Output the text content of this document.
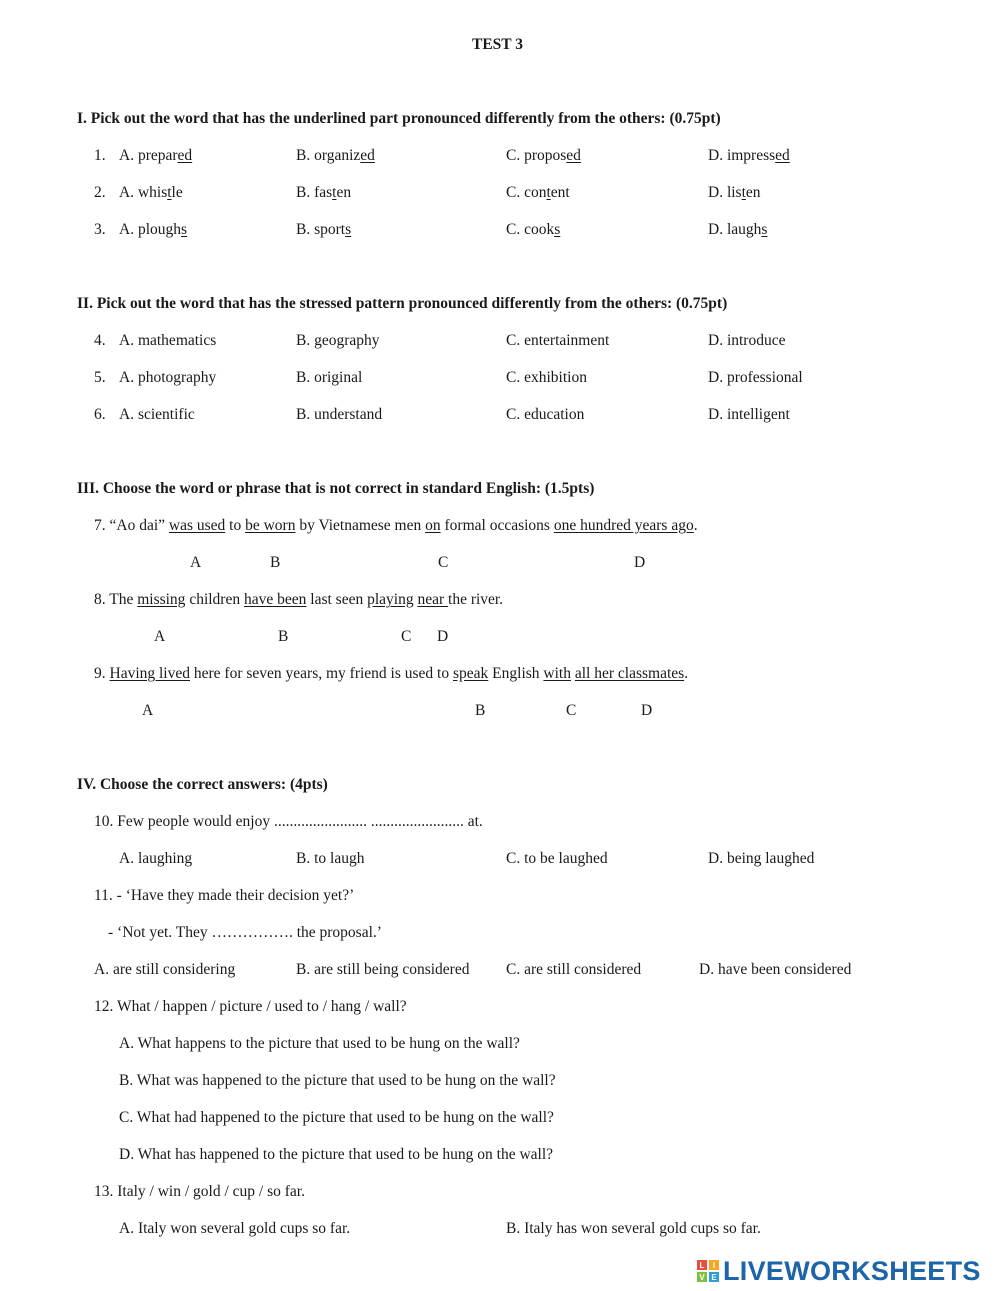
TEST 3
I. Pick out the word that has the underlined part pronounced differently from the others: (0.75pt)
1. A. prepared	B. organized	C. proposed	D. impressed
2. A. whistle	B. fasten	C. content	D. listen
3. A. ploughs	B. sports	C. cooks	D. laughs
II. Pick out the word that has the stressed pattern pronounced differently from the others: (0.75pt)
4. A. mathematics	B. geography	C. entertainment	D. introduce
5. A. photography	B. original	C. exhibition	D. professional
6. A. scientific	B. understand	C. education	D. intelligent
III. Choose the word or phrase that is not correct in standard English: (1.5pts)
7. “Ao dai” was used to be worn by Vietnamese men on formal occasions one hundred years ago.
A	B	C	D
8. The missing children have been last seen playing near the river.
A	B	C D
9. Having lived here for seven years, my friend is used to speak English with all her classmates.
A	B	C	D
IV. Choose the correct answers: (4pts)
10. Few people would enjoy ........................ ........................ at.
A. laughing	B. to laugh	C. to be laughed	D. being laughed
11. - ‘Have they made their decision yet?’
- ‘Not yet. They ……………. the proposal.’
A. are still considering	B. are still being considered C. are still considered	D. have been considered
12. What / happen / picture / used to / hang / wall?
A. What happens to the picture that used to be hung on the wall?
B. What was happened to the picture that used to be hung on the wall?
C. What had happened to the picture that used to be hung on the wall?
D. What has happened to the picture that used to be hung on the wall?
13. Italy / win / gold / cup / so far.
A. Italy won several gold cups so far.	B. Italy has won several gold cups so far.
L	I
V E LIVEWORKSHEETS
